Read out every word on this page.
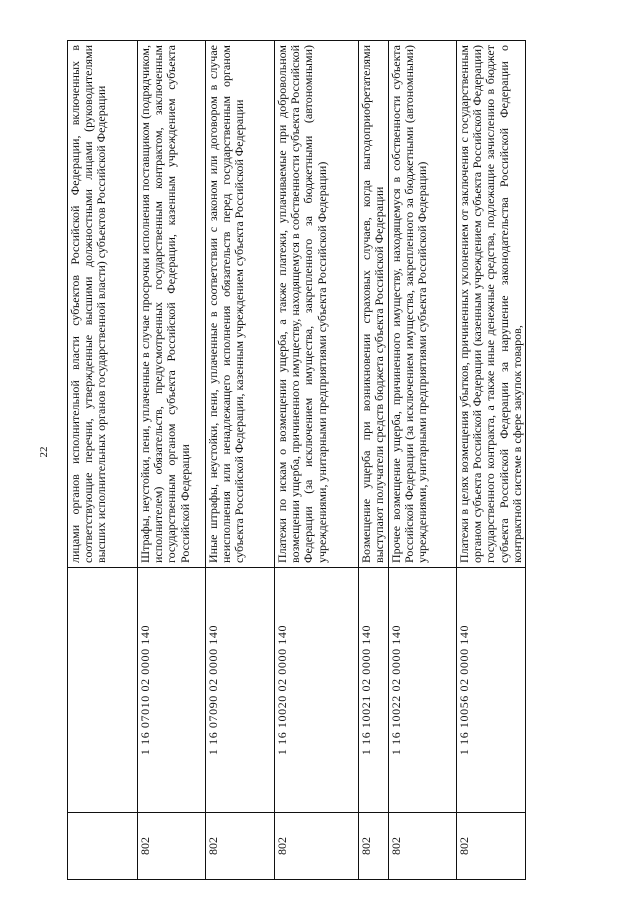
22
		лицами органов исполнительной власти субъектов Российской Федерации, включенных в соответствующие перечни, утвержденные высшими должностными лицами (руководителями высших исполнительных органов государственной власти) субъектов Российской Федерации
802	1 16 07010 02 0000 140	Штрафы, неустойки, пени, уплаченные в случае просрочки исполнения поставщиком (подрядчиком, исполнителем) обязательств, предусмотренных государственным контрактом, заключенным государственным органом субъекта Российской Федерации, казенным учреждением субъекта Российской Федерации
802	1 16 07090 02 0000 140	Иные штрафы, неустойки, пени, уплаченные в соответствии с законом или договором в случае неисполнения или ненадлежащего исполнения обязательств перед государственным органом субъекта Российской Федерации, казенным учреждением субъекта Российской Федерации
802	1 16 10020 02 0000 140	Платежи по искам о возмещении ущерба, а также платежи, уплачиваемые при добровольном возмещении ущерба, причиненного имуществу, находящемуся в собственности субъекта Российской Федерации (за исключением имущества, закрепленного за бюджетными (автономными) учреждениями, унитарными предприятиями субъекта Российской Федерации)
802	1 16 10021 02 0000 140	Возмещение ущерба при возникновении страховых случаев, когда выгодоприобретателями выступают получатели средств бюджета субъекта Российской Федерации
802	1 16 10022 02 0000 140	Прочее возмещение ущерба, причиненного имуществу, находящемуся в собственности субъекта Российской Федерации (за исключением имущества, закрепленного за бюджетными (автономными) учреждениями, унитарными предприятиями субъекта Российской Федерации)
802	1 16 10056 02 0000 140	Платежи в целях возмещения убытков, причиненных уклонением от заключения с государственным органом субъекта Российской Федерации (казенным учреждением субъекта Российской Федерации) государственного контракта, а также иные денежные средства, подлежащие зачислению в бюджет субъекта Российской Федерации за нарушение законодательства Российской Федерации о контрактной системе в сфере закупок товаров,
